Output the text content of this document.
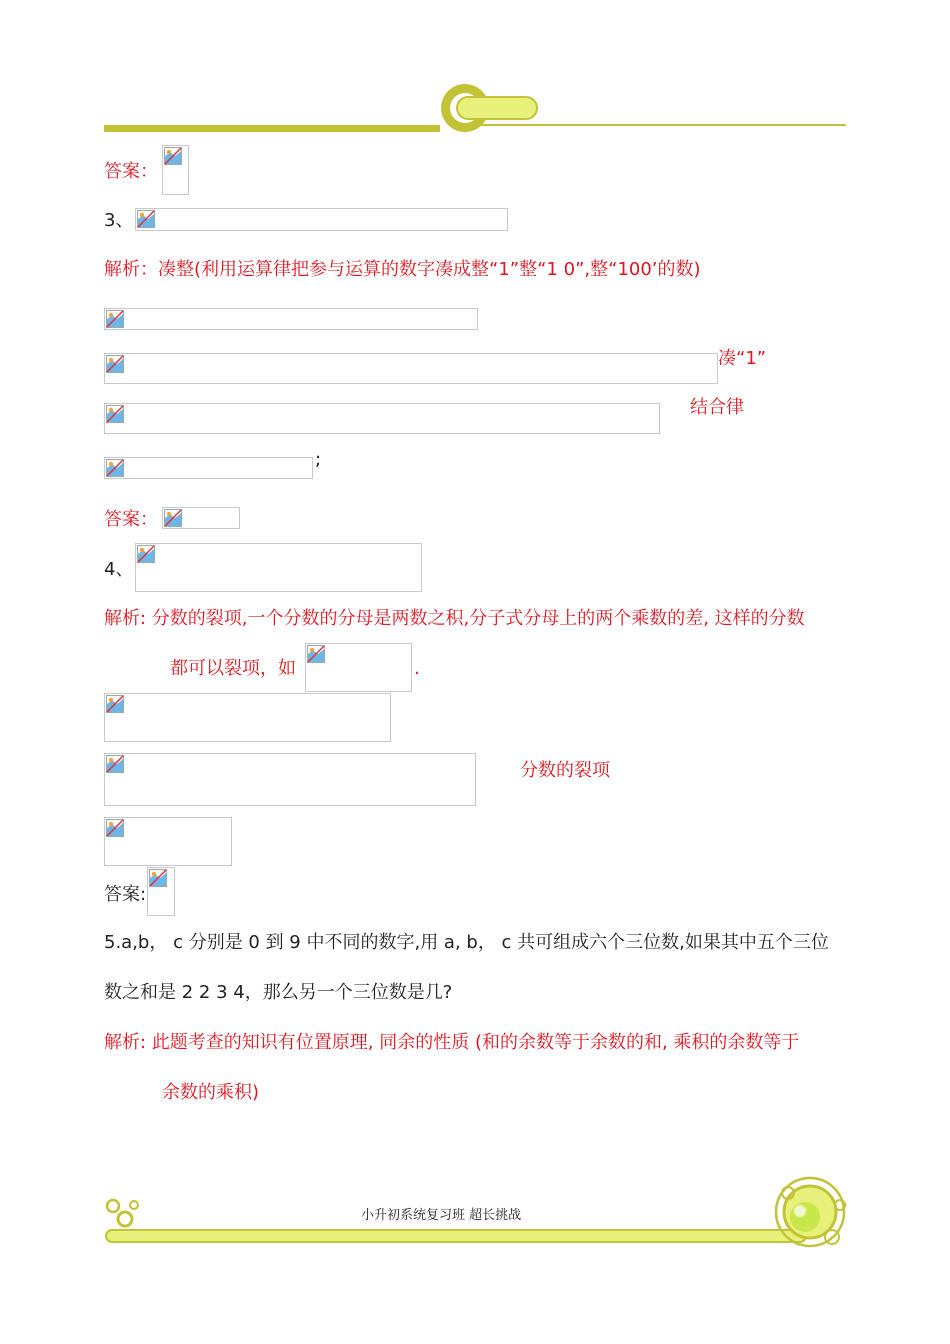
答案：
3、
解析：凑整(利用运算律把参与运算的数字凑成整“1”整“1 0”,整“100’的数)
凑“1”
结合律
;
答案：
4、
解析: 分数的裂项,一个分数的分母是两数之积,分子式分母上的两个乘数的差, 这样的分数
都可以裂项，如	.
分数的裂项
答案:
5.a,b， c 分别是 0 到 9 中不同的数字,用 a, b， c 共可组成六个三位数,如果其中五个三位
数之和是 2 2 3 4，那么另一个三位数是几?
解析: 此题考查的知识有位置原理, 同余的性质 (和的余数等于余数的和, 乘积的余数等于
余数的乘积)
小升初系统复习班 超长挑战
